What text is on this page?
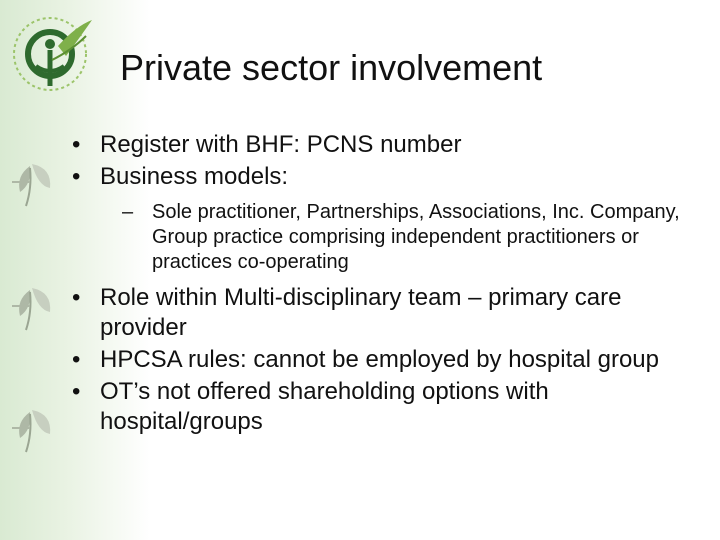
Private sector involvement
• Register with BHF: PCNS number
• Business models:
– Sole practitioner, Partnerships, Associations, Inc. Company, Group practice comprising independent practitioners or practices co-operating
• Role within Multi-disciplinary team – primary care provider
• HPCSA rules: cannot be employed by hospital group
• OT’s not offered shareholding options with hospital/groups
